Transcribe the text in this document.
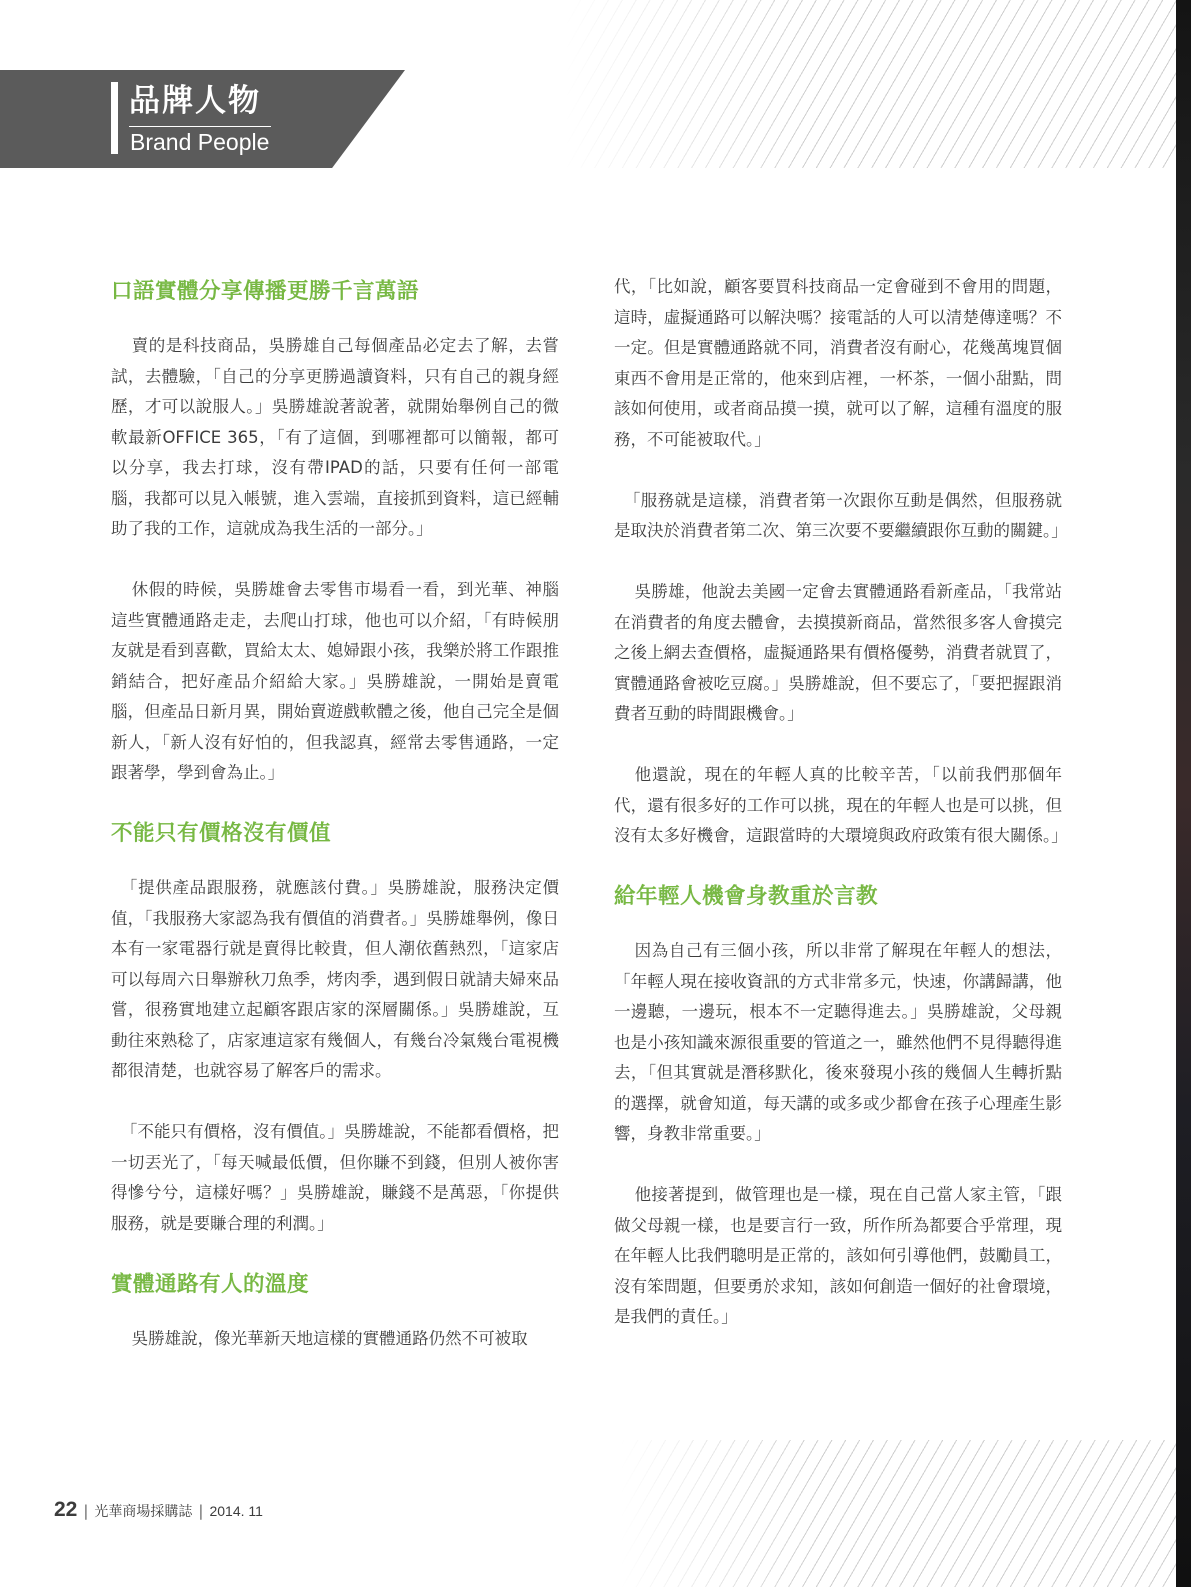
品牌人物
Brand People
口語實體分享傳播更勝千言萬語

賣的是科技商品，吳勝雄自己每個產品必定去了解，去嘗試，去體驗，「自己的分享更勝過讀資料，只有自己的親身經歷，才可以說服人。」吳勝雄說著說著，就開始舉例自己的微軟最新OFFICE 365，「有了這個，到哪裡都可以簡報，都可以分享，我去打球，沒有帶IPAD的話，只要有任何一部電腦，我都可以見入帳號，進入雲端，直接抓到資料，這已經輔助了我的工作，這就成為我生活的一部分。」

休假的時候，吳勝雄會去零售市場看一看，到光華、神腦這些實體通路走走，去爬山打球，他也可以介紹，「有時候朋友就是看到喜歡，買給太太、媳婦跟小孩，我樂於將工作跟推銷結合，把好產品介紹給大家。」吳勝雄說，一開始是賣電腦，但產品日新月異，開始賣遊戲軟體之後，他自己完全是個新人，「新人沒有好怕的，但我認真，經常去零售通路，一定跟著學，學到會為止。」

不能只有價格沒有價值

「提供產品跟服務，就應該付費。」吳勝雄說，服務決定價值，「我服務大家認為我有價值的消費者。」吳勝雄舉例，像日本有一家電器行就是賣得比較貴，但人潮依舊熱烈，「這家店可以每周六日舉辦秋刀魚季，烤肉季，遇到假日就請夫婦來品嘗，很務實地建立起顧客跟店家的深層關係。」吳勝雄說，互動往來熟稔了，店家連這家有幾個人，有幾台冷氣幾台電視機都很清楚，也就容易了解客戶的需求。

「不能只有價格，沒有價值。」吳勝雄說，不能都看價格，把一切丟光了，「每天喊最低價，但你賺不到錢，但別人被你害得慘兮兮，這樣好嗎？」吳勝雄說，賺錢不是萬惡，「你提供服務，就是要賺合理的利潤。」

實體通路有人的溫度

吳勝雄說，像光華新天地這樣的實體通路仍然不可被取

代，「比如說，顧客要買科技商品一定會碰到不會用的問題，這時，虛擬通路可以解決嗎？接電話的人可以清楚傳達嗎？不一定。但是實體通路就不同，消費者沒有耐心，花幾萬塊買個東西不會用是正常的，他來到店裡，一杯茶，一個小甜點，問該如何使用，或者商品摸一摸，就可以了解，這種有溫度的服務，不可能被取代。」

「服務就是這樣，消費者第一次跟你互動是偶然，但服務就是取決於消費者第二次、第三次要不要繼續跟你互動的關鍵。」

吳勝雄，他說去美國一定會去實體通路看新產品，「我常站在消費者的角度去體會，去摸摸新商品，當然很多客人會摸完之後上網去查價格，虛擬通路果有價格優勢，消費者就買了，實體通路會被吃豆腐。」吳勝雄說，但不要忘了，「要把握跟消費者互動的時間跟機會。」

他還說，現在的年輕人真的比較辛苦，「以前我們那個年代，還有很多好的工作可以挑，現在的年輕人也是可以挑，但沒有太多好機會，這跟當時的大環境與政府政策有很大關係。」

給年輕人機會身教重於言教

因為自己有三個小孩，所以非常了解現在年輕人的想法，「年輕人現在接收資訊的方式非常多元，快速，你講歸講，他一邊聽，一邊玩，根本不一定聽得進去。」吳勝雄說，父母親也是小孩知識來源很重要的管道之一，雖然他們不見得聽得進去，「但其實就是潛移默化，後來發現小孩的幾個人生轉折點的選擇，就會知道，每天講的或多或少都會在孩子心理產生影響，身教非常重要。」

他接著提到，做管理也是一樣，現在自己當人家主管，「跟做父母親一樣，也是要言行一致，所作所為都要合乎常理，現在年輕人比我們聰明是正常的，該如何引導他們，鼓勵員工，沒有笨問題，但要勇於求知，該如何創造一個好的社會環境，是我們的責任。」

22 | 光華商場採購誌 | 2014. 11
